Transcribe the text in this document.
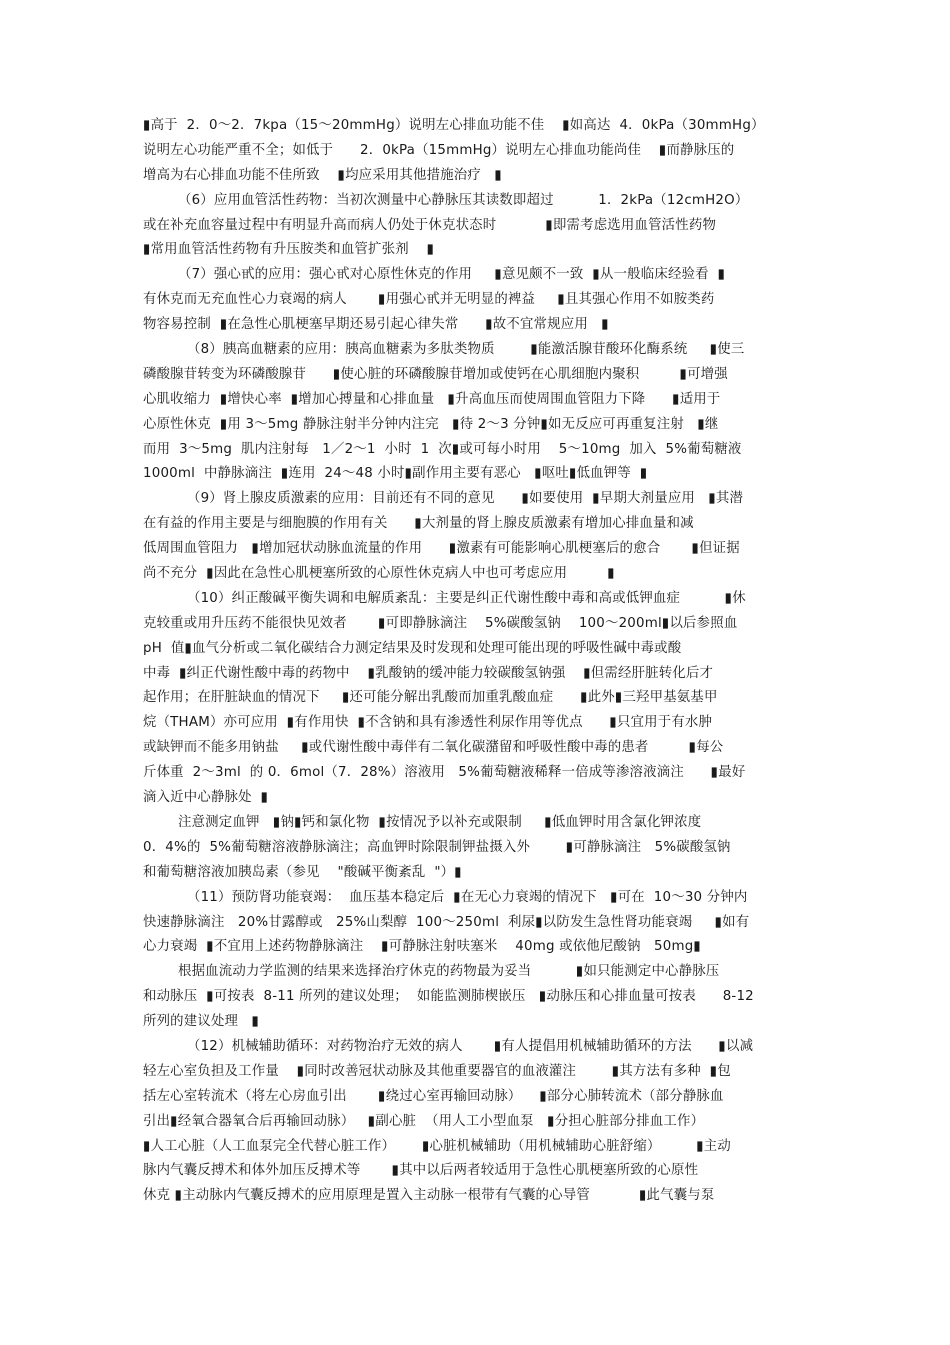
▮高于  2．0～2．7kpa（15～20mmHg）说明左心排血功能不佳    ▮如高达  4．0kPa（30mmHg）
说明左心功能严重不全；如低于      2．0kPa（15mmHg）说明左心排血功能尚佳    ▮而静脉压的
增高为右心排血功能不佳所致    ▮均应采用其他措施治疗   ▮
（6）应用血管活性药物：当初次测量中心静脉压其读数即超过          1．2kPa（12cmH2O）
或在补充血容量过程中有明显升高而病人仍处于休克状态时           ▮即需考虑选用血管活性药物
▮常用血管活性药物有升压胺类和血管扩张剂    ▮
（7）强心甙的应用：强心甙对心原性休克的作用     ▮意见颇不一致  ▮从一般临床经验看  ▮
有休克而无充血性心力衰竭的病人       ▮用强心甙并无明显的裨益     ▮且其强心作用不如胺类药
物容易控制  ▮在急性心肌梗塞早期还易引起心律失常      ▮故不宜常规应用   ▮
（8）胰高血糖素的应用：胰高血糖素为多肽类物质        ▮能激活腺苷酸环化酶系统     ▮使三
磷酸腺苷转变为环磷酸腺苷      ▮使心脏的环磷酸腺苷增加或使钙在心肌细胞内聚积         ▮可增强
心肌收缩力  ▮增快心率  ▮增加心搏量和心排血量   ▮升高血压而使周围血管阻力下降      ▮适用于
心原性休克  ▮用 3～5mg 静脉注射半分钟内注完   ▮待 2～3 分钟▮如无反应可再重复注射   ▮继
而用  3～5mg  肌内注射每   1／2～1  小时  1  次▮或可每小时用    5～10mg  加入  5%葡萄糖液
1000ml  中静脉滴注  ▮连用  24～48 小时▮副作用主要有恶心   ▮呕吐▮低血钾等  ▮
（9）肾上腺皮质激素的应用：目前还有不同的意见      ▮如要使用  ▮早期大剂量应用   ▮其潜
在有益的作用主要是与细胞膜的作用有关      ▮大剂量的肾上腺皮质激素有增加心排血量和减
低周围血管阻力   ▮增加冠状动脉血流量的作用      ▮激素有可能影响心肌梗塞后的愈合       ▮但证据
尚不充分  ▮因此在急性心肌梗塞所致的心原性休克病人中也可考虑应用         ▮
（10）纠正酸碱平衡失调和电解质紊乱：主要是纠正代谢性酸中毒和高或低钾血症          ▮休
克较重或用升压药不能很快见效者       ▮可即静脉滴注    5%碳酸氢钠    100～200ml▮以后参照血
pH  值▮血气分析或二氧化碳结合力测定结果及时发现和处理可能出现的呼吸性碱中毒或酸
中毒  ▮纠正代谢性酸中毒的药物中    ▮乳酸钠的缓冲能力较碳酸氢钠强    ▮但需经肝脏转化后才
起作用；在肝脏缺血的情况下     ▮还可能分解出乳酸而加重乳酸血症      ▮此外▮三羟甲基氨基甲
烷（THAM）亦可应用  ▮有作用快  ▮不含钠和具有渗透性利尿作用等优点      ▮只宜用于有水肿
或缺钾而不能多用钠盐     ▮或代谢性酸中毒伴有二氧化碳潴留和呼吸性酸中毒的患者         ▮每公
斤体重  2～3ml  的 0．6mol（7．28%）溶液用   5%葡萄糖液稀释一倍成等渗溶液滴注      ▮最好
滴入近中心静脉处  ▮
注意测定血钾   ▮钠▮钙和氯化物  ▮按情况予以补充或限制     ▮低血钾时用含氯化钾浓度
0．4%的  5%葡萄糖溶液静脉滴注；高血钾时除限制钾盐摄入外        ▮可静脉滴注   5%碳酸氢钠
和葡萄糖溶液加胰岛素（参见    "酸碱平衡紊乱  "）▮
（11）预防肾功能衰竭：  血压基本稳定后  ▮在无心力衰竭的情况下   ▮可在  10～30 分钟内
快速静脉滴注   20%甘露醇或   25%山梨醇  100～250ml  利尿▮以防发生急性肾功能衰竭     ▮如有
心力衰竭  ▮不宜用上述药物静脉滴注    ▮可静脉注射呋塞米    40mg 或依他尼酸钠   50mg▮
根据血流动力学监测的结果来选择治疗休克的药物最为妥当          ▮如只能测定中心静脉压
和动脉压  ▮可按表  8-11 所列的建议处理；  如能监测肺楔嵌压   ▮动脉压和心排血量可按表      8-12
所列的建议处理   ▮
（12）机械辅助循环：对药物治疗无效的病人       ▮有人提倡用机械辅助循环的方法      ▮以减
轻左心室负担及工作量    ▮同时改善冠状动脉及其他重要器官的血液灌注        ▮其方法有多种  ▮包
括左心室转流术（将左心房血引出       ▮绕过心室再输回动脉）    ▮部分心肺转流术（部分静脉血
引出▮经氧合器氧合后再输回动脉）   ▮副心脏  （用人工小型血泵   ▮分担心脏部分排血工作）
▮人工心脏（人工血泵完全代替心脏工作）      ▮心脏机械辅助（用机械辅助心脏舒缩）        ▮主动
脉内气囊反搏术和体外加压反搏术等       ▮其中以后两者较适用于急性心肌梗塞所致的心原性
休克 ▮主动脉内气囊反搏术的应用原理是置入主动脉一根带有气囊的心导管           ▮此气囊与泵
